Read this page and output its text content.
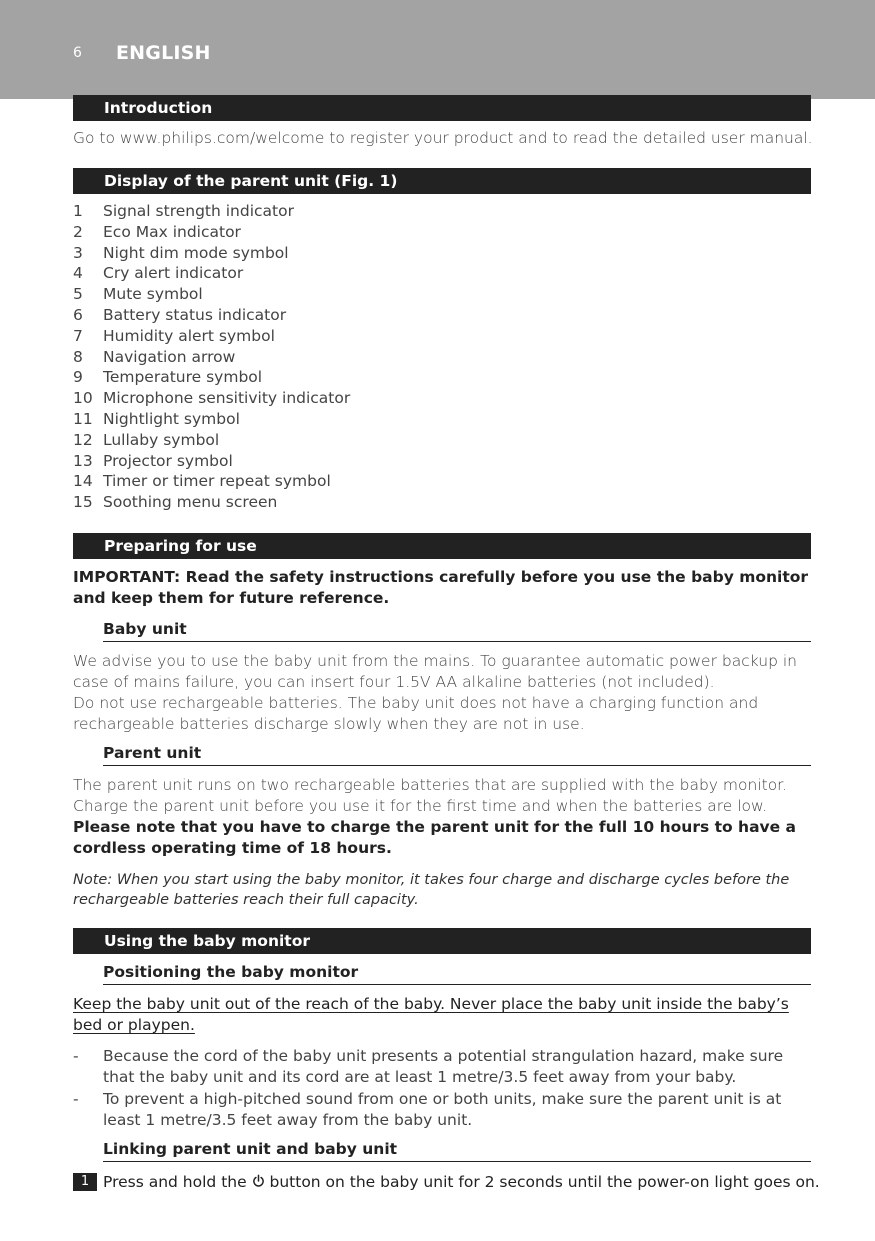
6 ENGLISH
Introduction
Go to www.philips.com/welcome to register your product and to read the detailed user manual.
Display of the parent unit (Fig. 1)
1 Signal strength indicator
2 Eco Max indicator
3 Night dim mode symbol
4 Cry alert indicator
5 Mute symbol
6 Battery status indicator
7 Humidity alert symbol
8 Navigation arrow
9 Temperature symbol
10 Microphone sensitivity indicator
11 Nightlight symbol
12 Lullaby symbol
13 Projector symbol
14 Timer or timer repeat symbol
15 Soothing menu screen
Preparing for use
IMPORTANT: Read the safety instructions carefully before you use the baby monitor and keep them for future reference.
Baby unit
We advise you to use the baby unit from the mains. To guarantee automatic power backup in case of mains failure, you can insert four 1.5V AA alkaline batteries (not included).
Do not use rechargeable batteries. The baby unit does not have a charging function and rechargeable batteries discharge slowly when they are not in use.
Parent unit
The parent unit runs on two rechargeable batteries that are supplied with the baby monitor. Charge the parent unit before you use it for the first time and when the batteries are low.
Please note that you have to charge the parent unit for the full 10 hours to have a cordless operating time of 18 hours.
Note: When you start using the baby monitor, it takes four charge and discharge cycles before the rechargeable batteries reach their full capacity.
Using the baby monitor
Positioning the baby monitor
Keep the baby unit out of the reach of the baby. Never place the baby unit inside the baby’s bed or playpen.
-	Because the cord of the baby unit presents a potential strangulation hazard, make sure that the baby unit and its cord are at least 1 metre/3.5 feet away from your baby.
-	To prevent a high-pitched sound from one or both units, make sure the parent unit is at least 1 metre/3.5 feet away from the baby unit.
Linking parent unit and baby unit
1 Press and hold the button on the baby unit for 2 seconds until the power-on light goes on.
